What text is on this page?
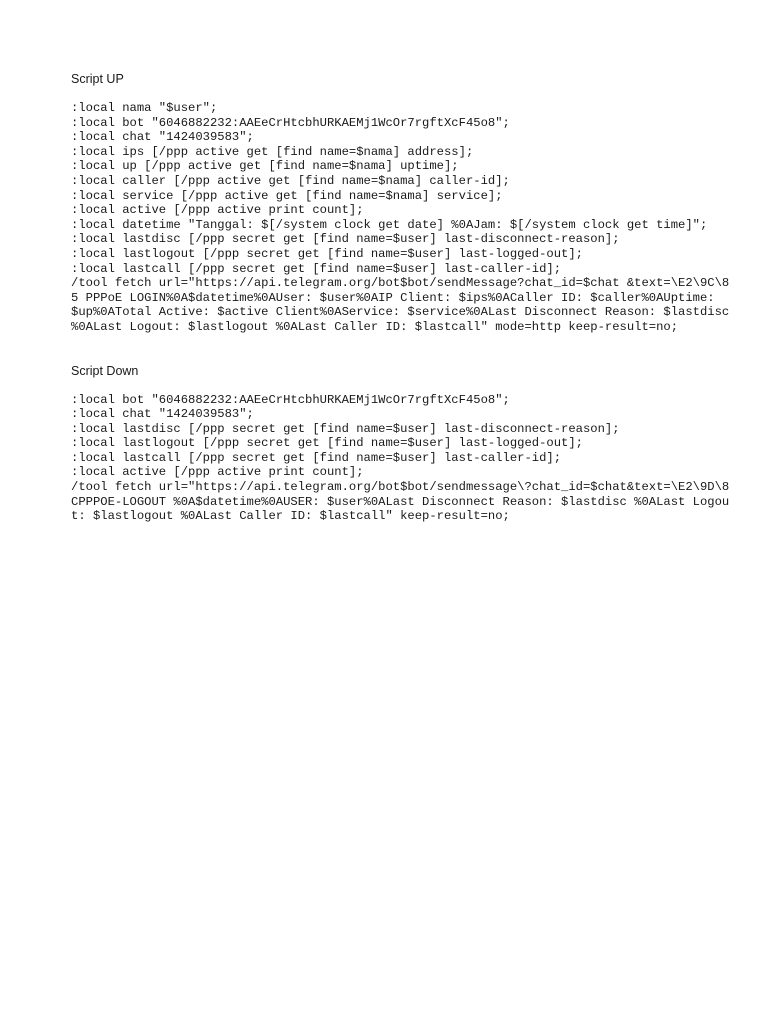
Script UP
:local nama "$user";
:local bot "6046882232:AAEeCrHtcbhURKAEMj1WcOr7rgftXcF45o8";
:local chat "1424039583";
:local ips [/ppp active get [find name=$nama] address];
:local up [/ppp active get [find name=$nama] uptime];
:local caller [/ppp active get [find name=$nama] caller-id];
:local service [/ppp active get [find name=$nama] service];
:local active [/ppp active print count];
:local datetime "Tanggal: $[/system clock get date] %0AJam: $[/system clock get time]";
:local lastdisc [/ppp secret get [find name=$user] last-disconnect-reason];
:local lastlogout [/ppp secret get [find name=$user] last-logged-out];
:local lastcall [/ppp secret get [find name=$user] last-caller-id];
/tool fetch url="https://api.telegram.org/bot$bot/sendMessage?chat_id=$chat &text=\E2\9C\85 PPPoE LOGIN%0A$datetime%0AUser: $user%0AIP Client: $ips%0ACaller ID: $caller%0AUptime: $up%0ATotal Active: $active Client%0AService: $service%0ALast Disconnect Reason: $lastdisc %0ALast Logout: $lastlogout %0ALast Caller ID: $lastcall" mode=http keep-result=no;
Script Down
:local bot "6046882232:AAEeCrHtcbhURKAEMj1WcOr7rgftXcF45o8";
:local chat "1424039583";
:local lastdisc [/ppp secret get [find name=$user] last-disconnect-reason];
:local lastlogout [/ppp secret get [find name=$user] last-logged-out];
:local lastcall [/ppp secret get [find name=$user] last-caller-id];
:local active [/ppp active print count];
/tool fetch url="https://api.telegram.org/bot$bot/sendmessage\?chat_id=$chat&text=\E2\9D\8CPPPOE-LOGOUT %0A$datetime%0AUSER: $user%0ALast Disconnect Reason: $lastdisc %0ALast Logout: $lastlogout %0ALast Caller ID: $lastcall" keep-result=no;
